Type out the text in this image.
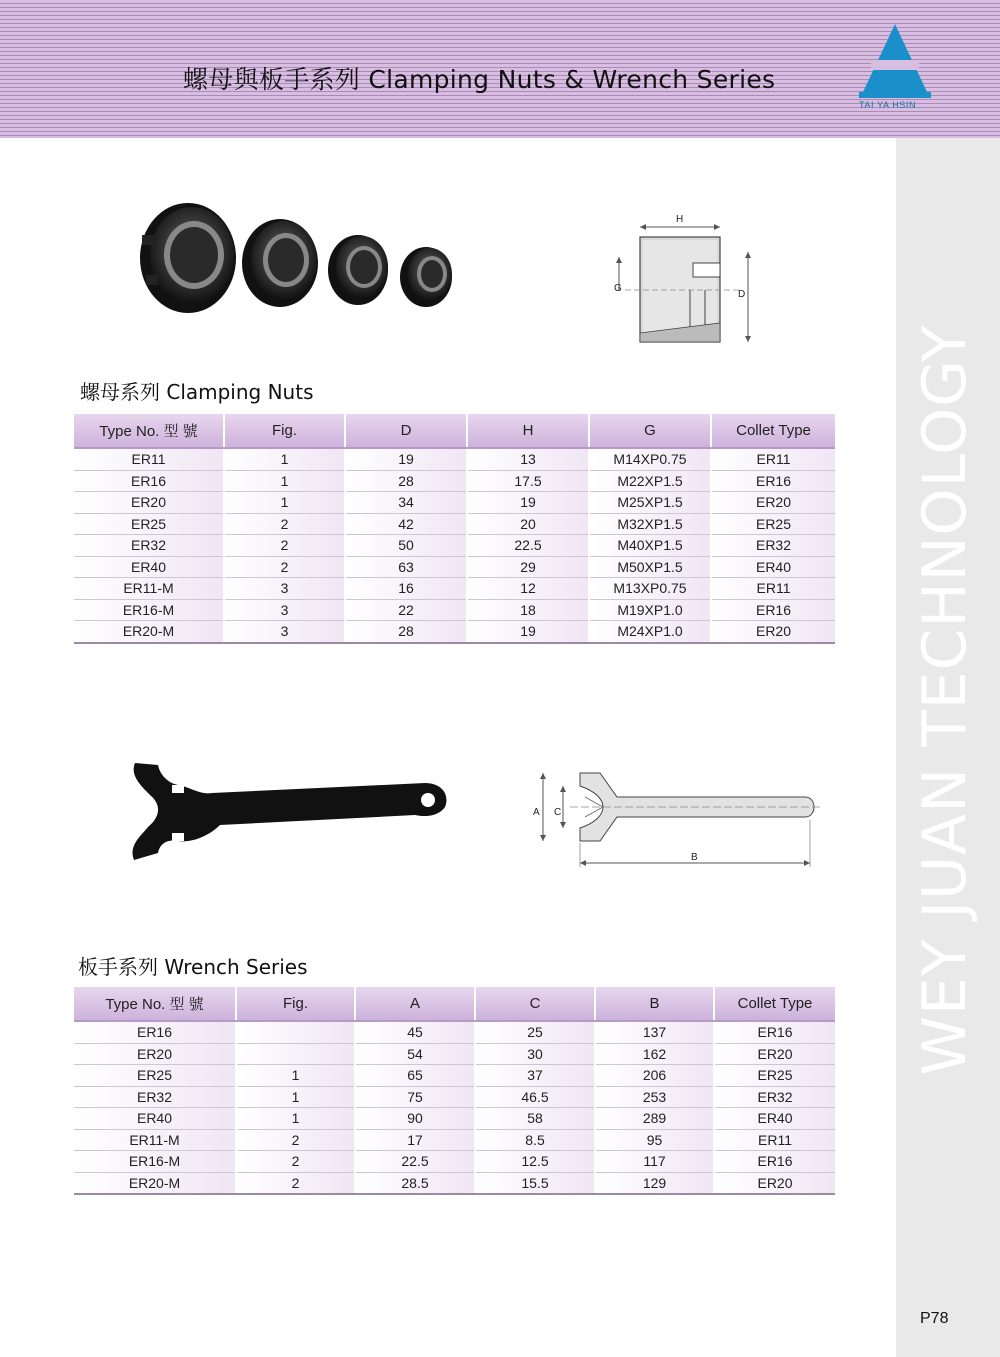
螺母與板手系列 Clamping Nuts & Wrench Series
TAI YA HSIN
WEY JUAN TECHNOLOGY
P78
H
G
D
螺母系列 Clamping Nuts
Type No. 型 號	Fig.	D	H	G	Collet Type
ER11	1	19	13	M14XP0.75	ER11
ER16	1	28	17.5	M22XP1.5	ER16
ER20	1	34	19	M25XP1.5	ER20
ER25	2	42	20	M32XP1.5	ER25
ER32	2	50	22.5	M40XP1.5	ER32
ER40	2	63	29	M50XP1.5	ER40
ER11-M	3	16	12	M13XP0.75	ER11
ER16-M	3	22	18	M19XP1.0	ER16
ER20-M	3	28	19	M24XP1.0	ER20
A C
B
板手系列 Wrench Series
Type No. 型 號	Fig.	A	C	B	Collet Type
ER16		45	25	137	ER16
ER20		54	30	162	ER20
ER25	1	65	37	206	ER25
ER32	1	75	46.5	253	ER32
ER40	1	90	58	289	ER40
ER11-M	2	17	8.5	95	ER11
ER16-M	2	22.5	12.5	117	ER16
ER20-M	2	28.5	15.5	129	ER20
